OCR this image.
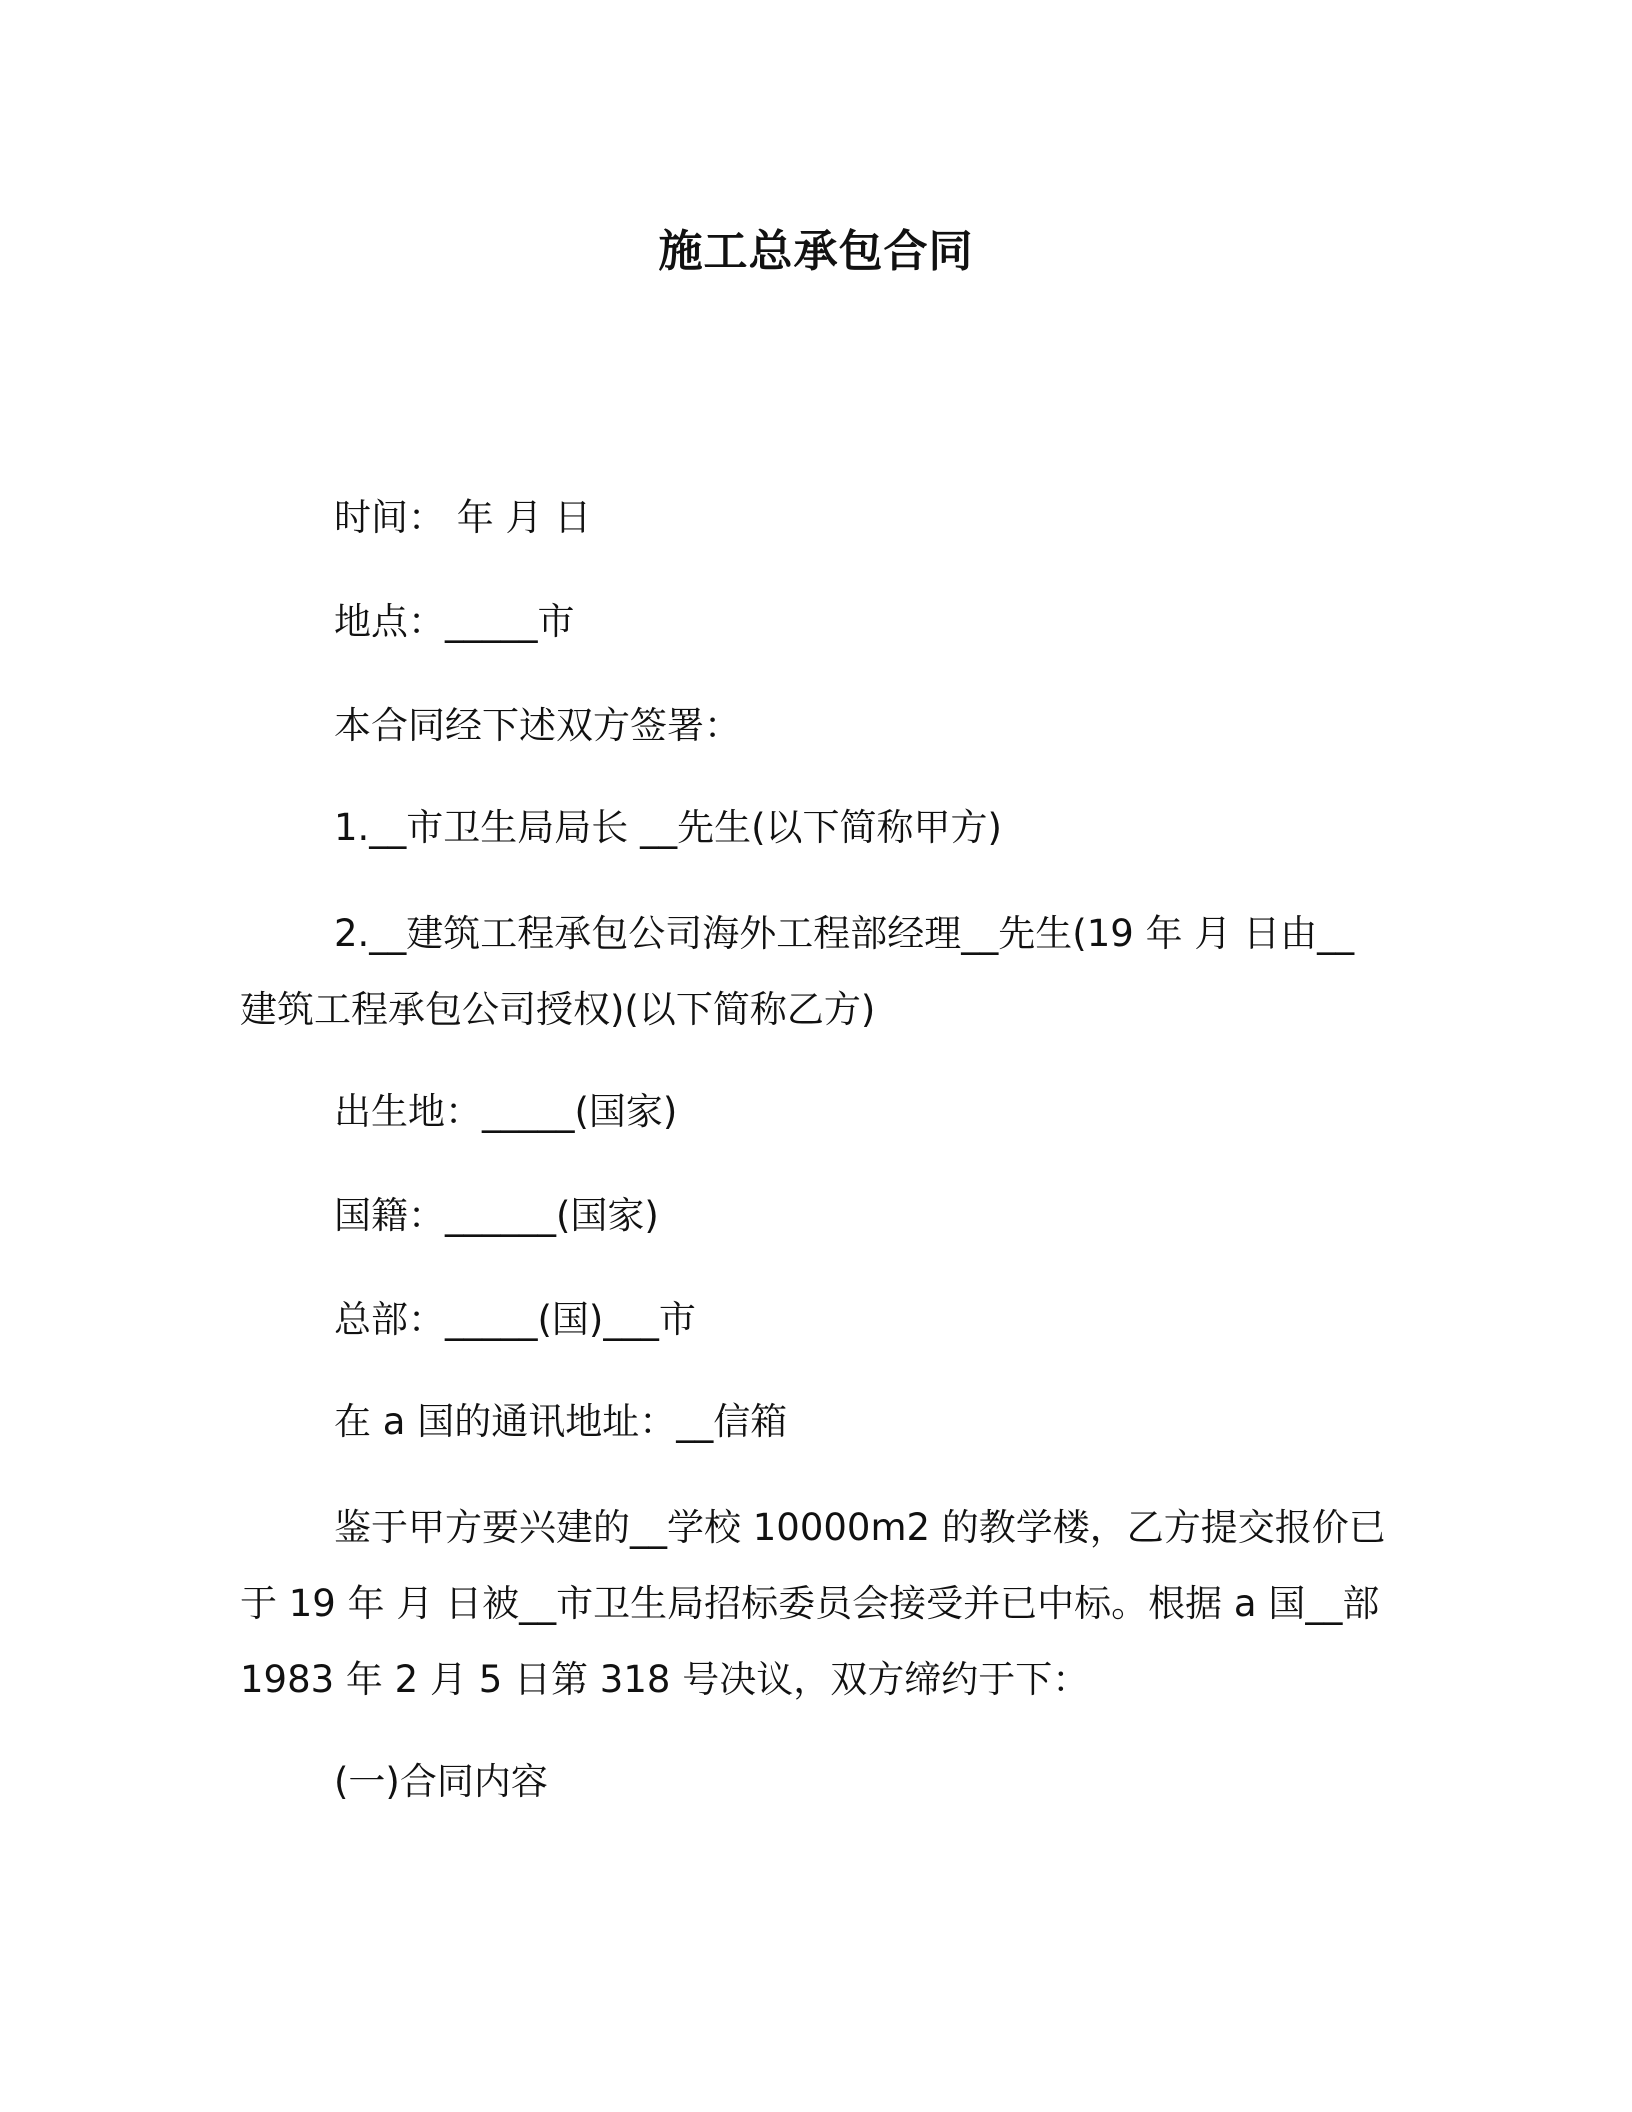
施工总承包合同

时间： 年 月 日

地点：_____市

本合同经下述双方签署：

1.__市卫生局局长 __先生(以下简称甲方)

2.__建筑工程承包公司海外工程部经理__先生(19 年 月 日由__
建筑工程承包公司授权)(以下简称乙方)

出生地：_____(国家)

国籍：______(国家)

总部：_____(国)___市

在 a 国的通讯地址：__信箱

鉴于甲方要兴建的__学校 10000m2 的教学楼，乙方提交报价已
于 19 年 月 日被__市卫生局招标委员会接受并已中标。根据 a 国__部
1983 年 2 月 5 日第 318 号决议，双方缔约于下：

(一)合同内容
